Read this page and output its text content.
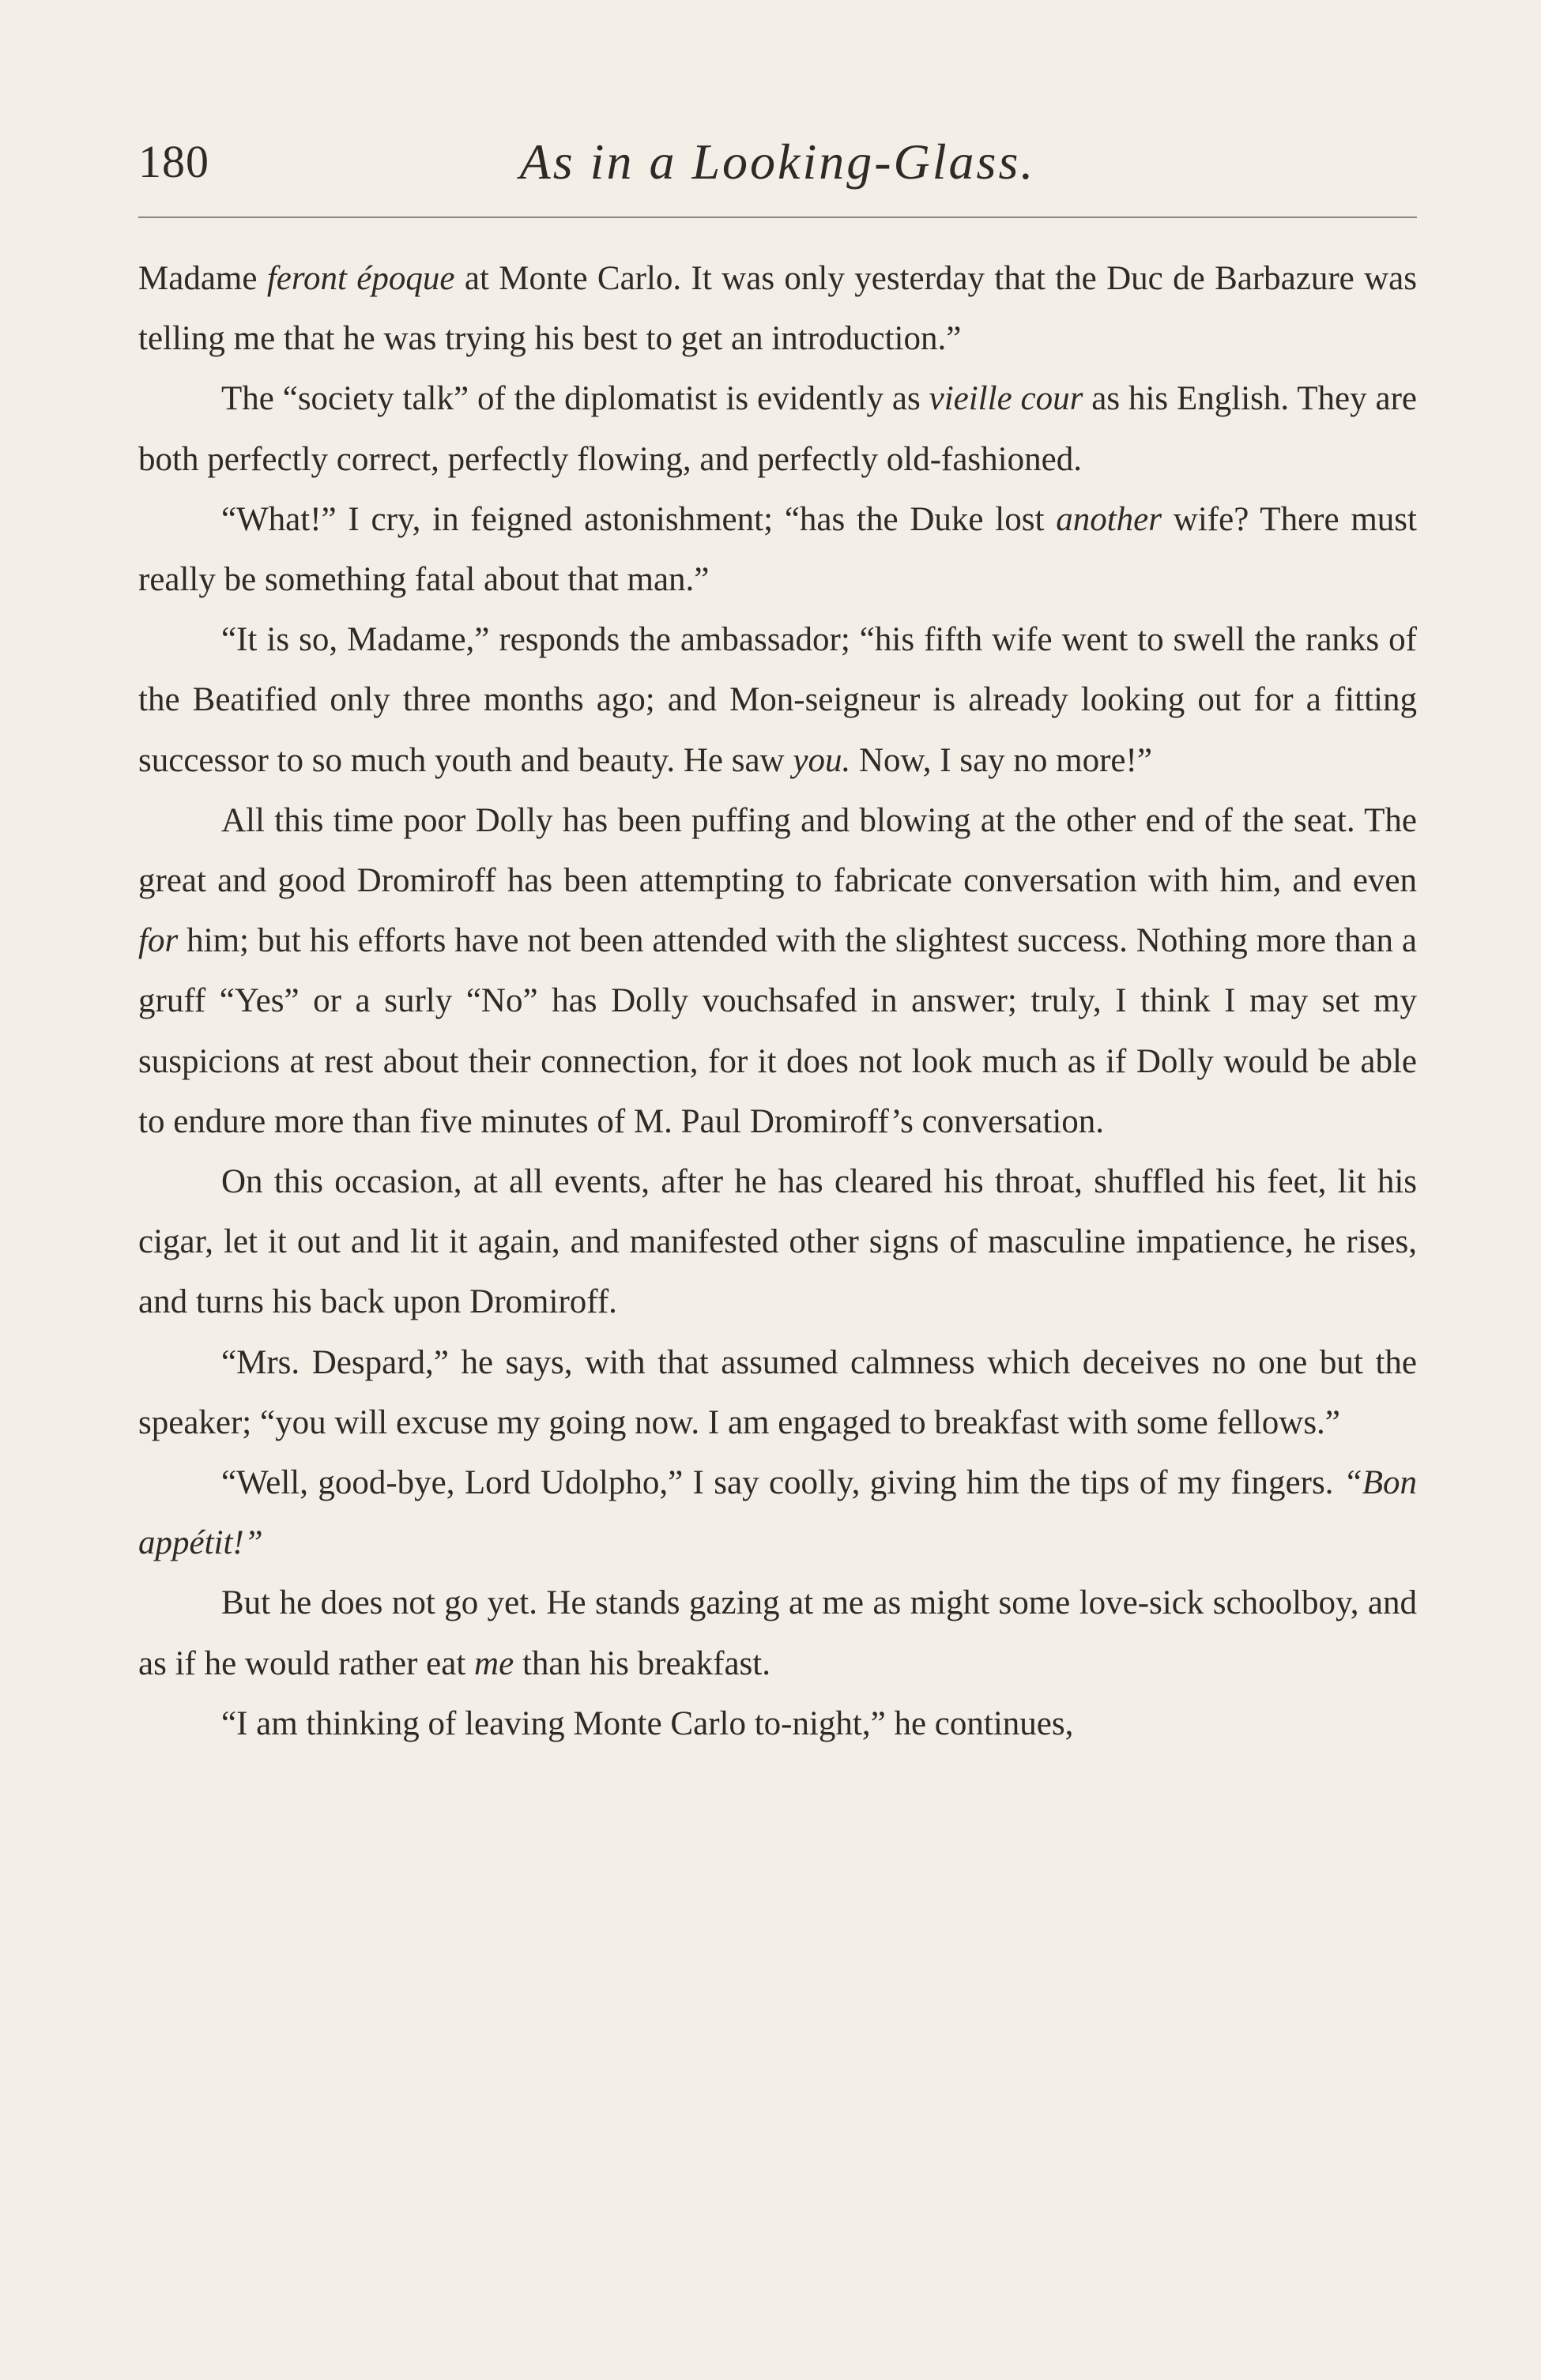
As in a Looking-Glass.
180

Madame feront époque at Monte Carlo. It was only yesterday that the Duc de Barbazure was telling me that he was trying his best to get an introduction.”

The “society talk” of the diplomatist is evidently as vieille cour as his English. They are both perfectly correct, perfectly flowing, and perfectly old-fashioned.

“What!” I cry, in feigned astonishment; “has the Duke lost another wife? There must really be something fatal about that man.”

“It is so, Madame,” responds the ambassador; “his fifth wife went to swell the ranks of the Beatified only three months ago; and Mon-seigneur is already looking out for a fitting successor to so much youth and beauty. He saw you. Now, I say no more!”

All this time poor Dolly has been puffing and blowing at the other end of the seat. The great and good Dromiroff has been attempting to fabricate conversation with him, and even for him; but his efforts have not been attended with the slightest success. Nothing more than a gruff “Yes” or a surly “No” has Dolly vouchsafed in answer; truly, I think I may set my suspicions at rest about their connection, for it does not look much as if Dolly would be able to endure more than five minutes of M. Paul Dromiroff’s conversation.

On this occasion, at all events, after he has cleared his throat, shuffled his feet, lit his cigar, let it out and lit it again, and manifested other signs of masculine impatience, he rises, and turns his back upon Dromiroff.

“Mrs. Despard,” he says, with that assumed calmness which deceives no one but the speaker; “you will excuse my going now. I am engaged to breakfast with some fellows.”

“Well, good-bye, Lord Udolpho,” I say coolly, giving him the tips of my fingers. “Bon appétit!”

But he does not go yet. He stands gazing at me as might some love-sick schoolboy, and as if he would rather eat me than his breakfast.

“I am thinking of leaving Monte Carlo to-night,” he continues,
